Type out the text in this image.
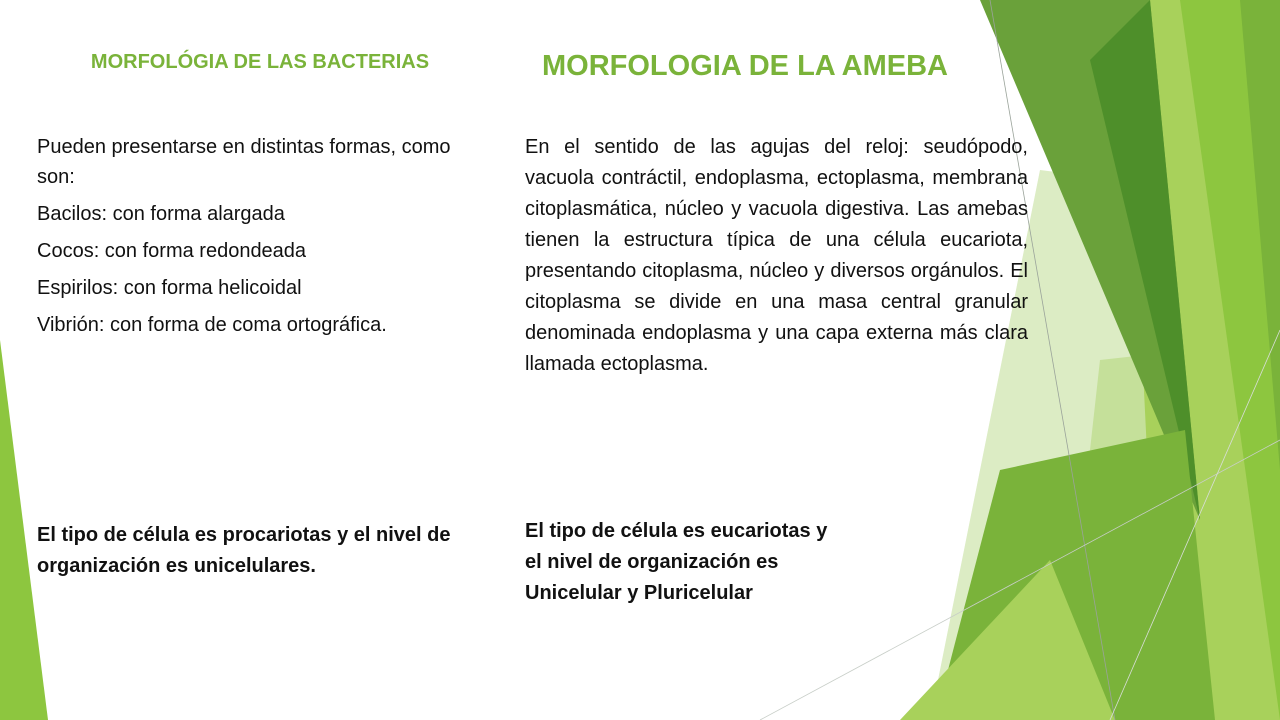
MORFOLÓGIA DE LAS BACTERIAS	MORFOLOGIA DE LA AMEBA

Pueden presentarse en distintas formas, como son:

Bacilos: con forma alargada

Cocos: con forma redondeada

Espirilos: con forma helicoidal

Vibrión: con forma de coma ortográfica.

El tipo de célula es procariotas y el nivel de organización es unicelulares.
En el sentido de las agujas del reloj: seudópodo, vacuola contráctil, endoplasma, ectoplasma, membrana citoplasmática, núcleo y vacuola digestiva. Las amebas tienen la estructura típica de una célula eucariota, presentando citoplasma, núcleo y diversos orgánulos. El citoplasma se divide en una masa central granular denominada endoplasma y una capa externa más clara llamada ectoplasma.
El tipo de célula es eucariotas y
el nivel de organización es
Unicelular y Pluricelular
